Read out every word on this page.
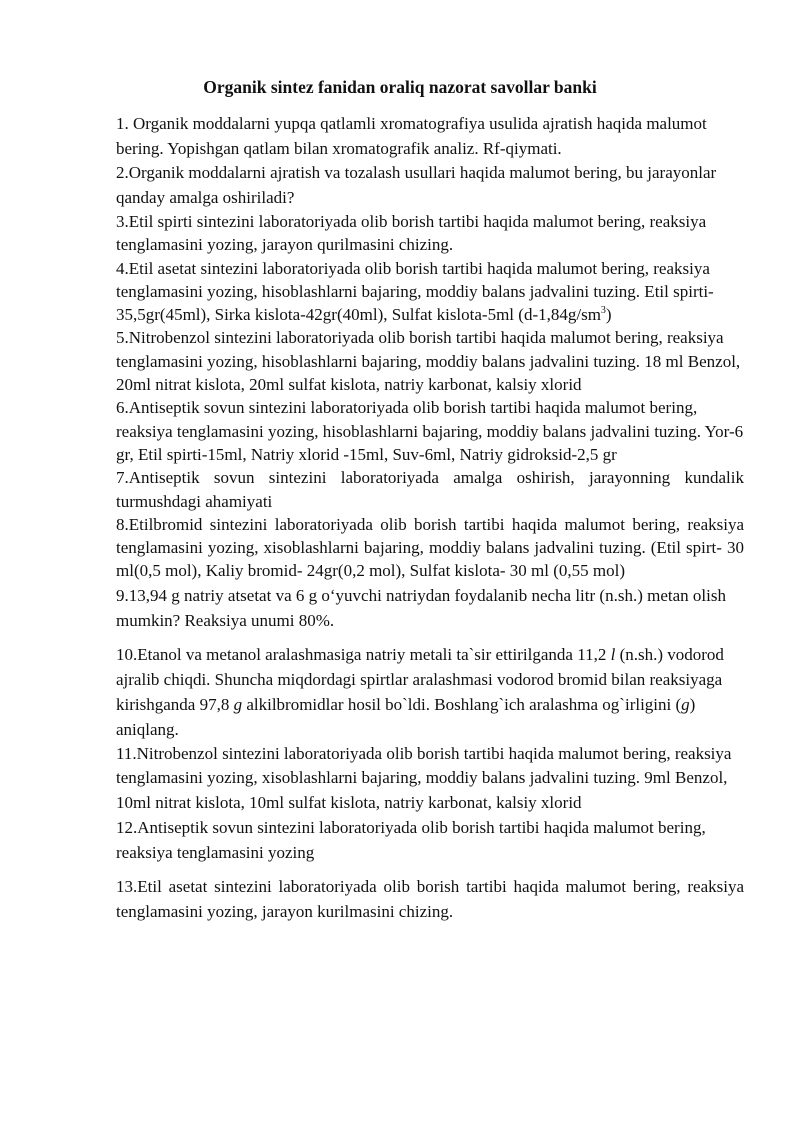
Organik sintez fanidan oraliq nazorat savollar banki

1. Organik moddalarni yupqa qatlamli xromatografiya usulida ajratish haqida malumot bering. Yopishgan qatlam bilan xromatografik analiz. Rf-qiymati.

2.Organik moddalarni ajratish va tozalash usullari haqida malumot bering, bu jarayonlar qanday amalga oshiriladi?

3.Etil spirti sintezini laboratoriyada olib borish tartibi haqida malumot bering, reaksiya tenglamasini yozing, jarayon qurilmasini chizing.

4.Etil asetat sintezini laboratoriyada olib borish tartibi haqida malumot bering, reaksiya tenglamasini yozing, hisoblashlarni bajaring, moddiy balans jadvalini tuzing. Etil spirti-35,5gr(45ml), Sirka kislota-42gr(40ml), Sulfat kislota-5ml $(d-1,84g/sm^3)$

5.Nitrobenzol sintezini laboratoriyada olib borish tartibi haqida malumot bering, reaksiya tenglamasini yozing, hisoblashlarni bajaring, moddiy balans jadvalini tuzing. 18 ml Benzol, 20ml nitrat kislota, 20ml sulfat kislota, natriy karbonat, kalsiy xlorid

6.Antiseptik sovun sintezini laboratoriyada olib borish tartibi haqida malumot bering, reaksiya tenglamasini yozing, hisoblashlarni bajaring, moddiy balans jadvalini tuzing. Yor-6 gr, Etil spirti-15ml, Natriy xlorid -15ml, Suv-6ml, Natriy gidroksid-2,5 gr

7.Antiseptik sovun sintezini laboratoriyada amalga oshirish, jarayonning kundalik turmushdagi ahamiyati

8.Etilbromid sintezini laboratoriyada olib borish tartibi haqida malumot bering, reaksiya tenglamasini yozing, xisoblashlarni bajaring, moddiy balans jadvalini tuzing. (Etil spirt- 30 ml(0,5 mol), Kaliy bromid- 24gr(0,2 mol), Sulfat kislota- 30 ml (0,55 mol)

9.13,94 g natriy atsetat va 6 g o‘yuvchi natriydan foydalanib necha litr (n.sh.) metan olish mumkin? Reaksiya unumi 80%.

10.Etanol va metanol aralashmasiga natriy metali ta`sir ettirilganda 11,2 l (n.sh.) vodorod ajralib chiqdi. Shuncha miqdordagi spirtlar aralashmasi vodorod bromid bilan reaksiyaga kirishganda 97,8 g alkilbromidlar hosil bo`ldi. Boshlang`ich aralashma og`irligini (g) aniqlang.

11.Nitrobenzol sintezini laboratoriyada olib borish tartibi haqida malumot bering, reaksiya tenglamasini yozing, xisoblashlarni bajaring, moddiy balans jadvalini tuzing. 9ml Benzol, 10ml nitrat kislota, 10ml sulfat kislota, natriy karbonat, kalsiy xlorid

12.Antiseptik sovun sintezini laboratoriyada olib borish tartibi haqida malumot bering, reaksiya tenglamasini yozing

13.Etil asetat sintezini laboratoriyada olib borish tartibi haqida malumot bering, reaksiya tenglamasini yozing, jarayon kurilmasini chizing.
